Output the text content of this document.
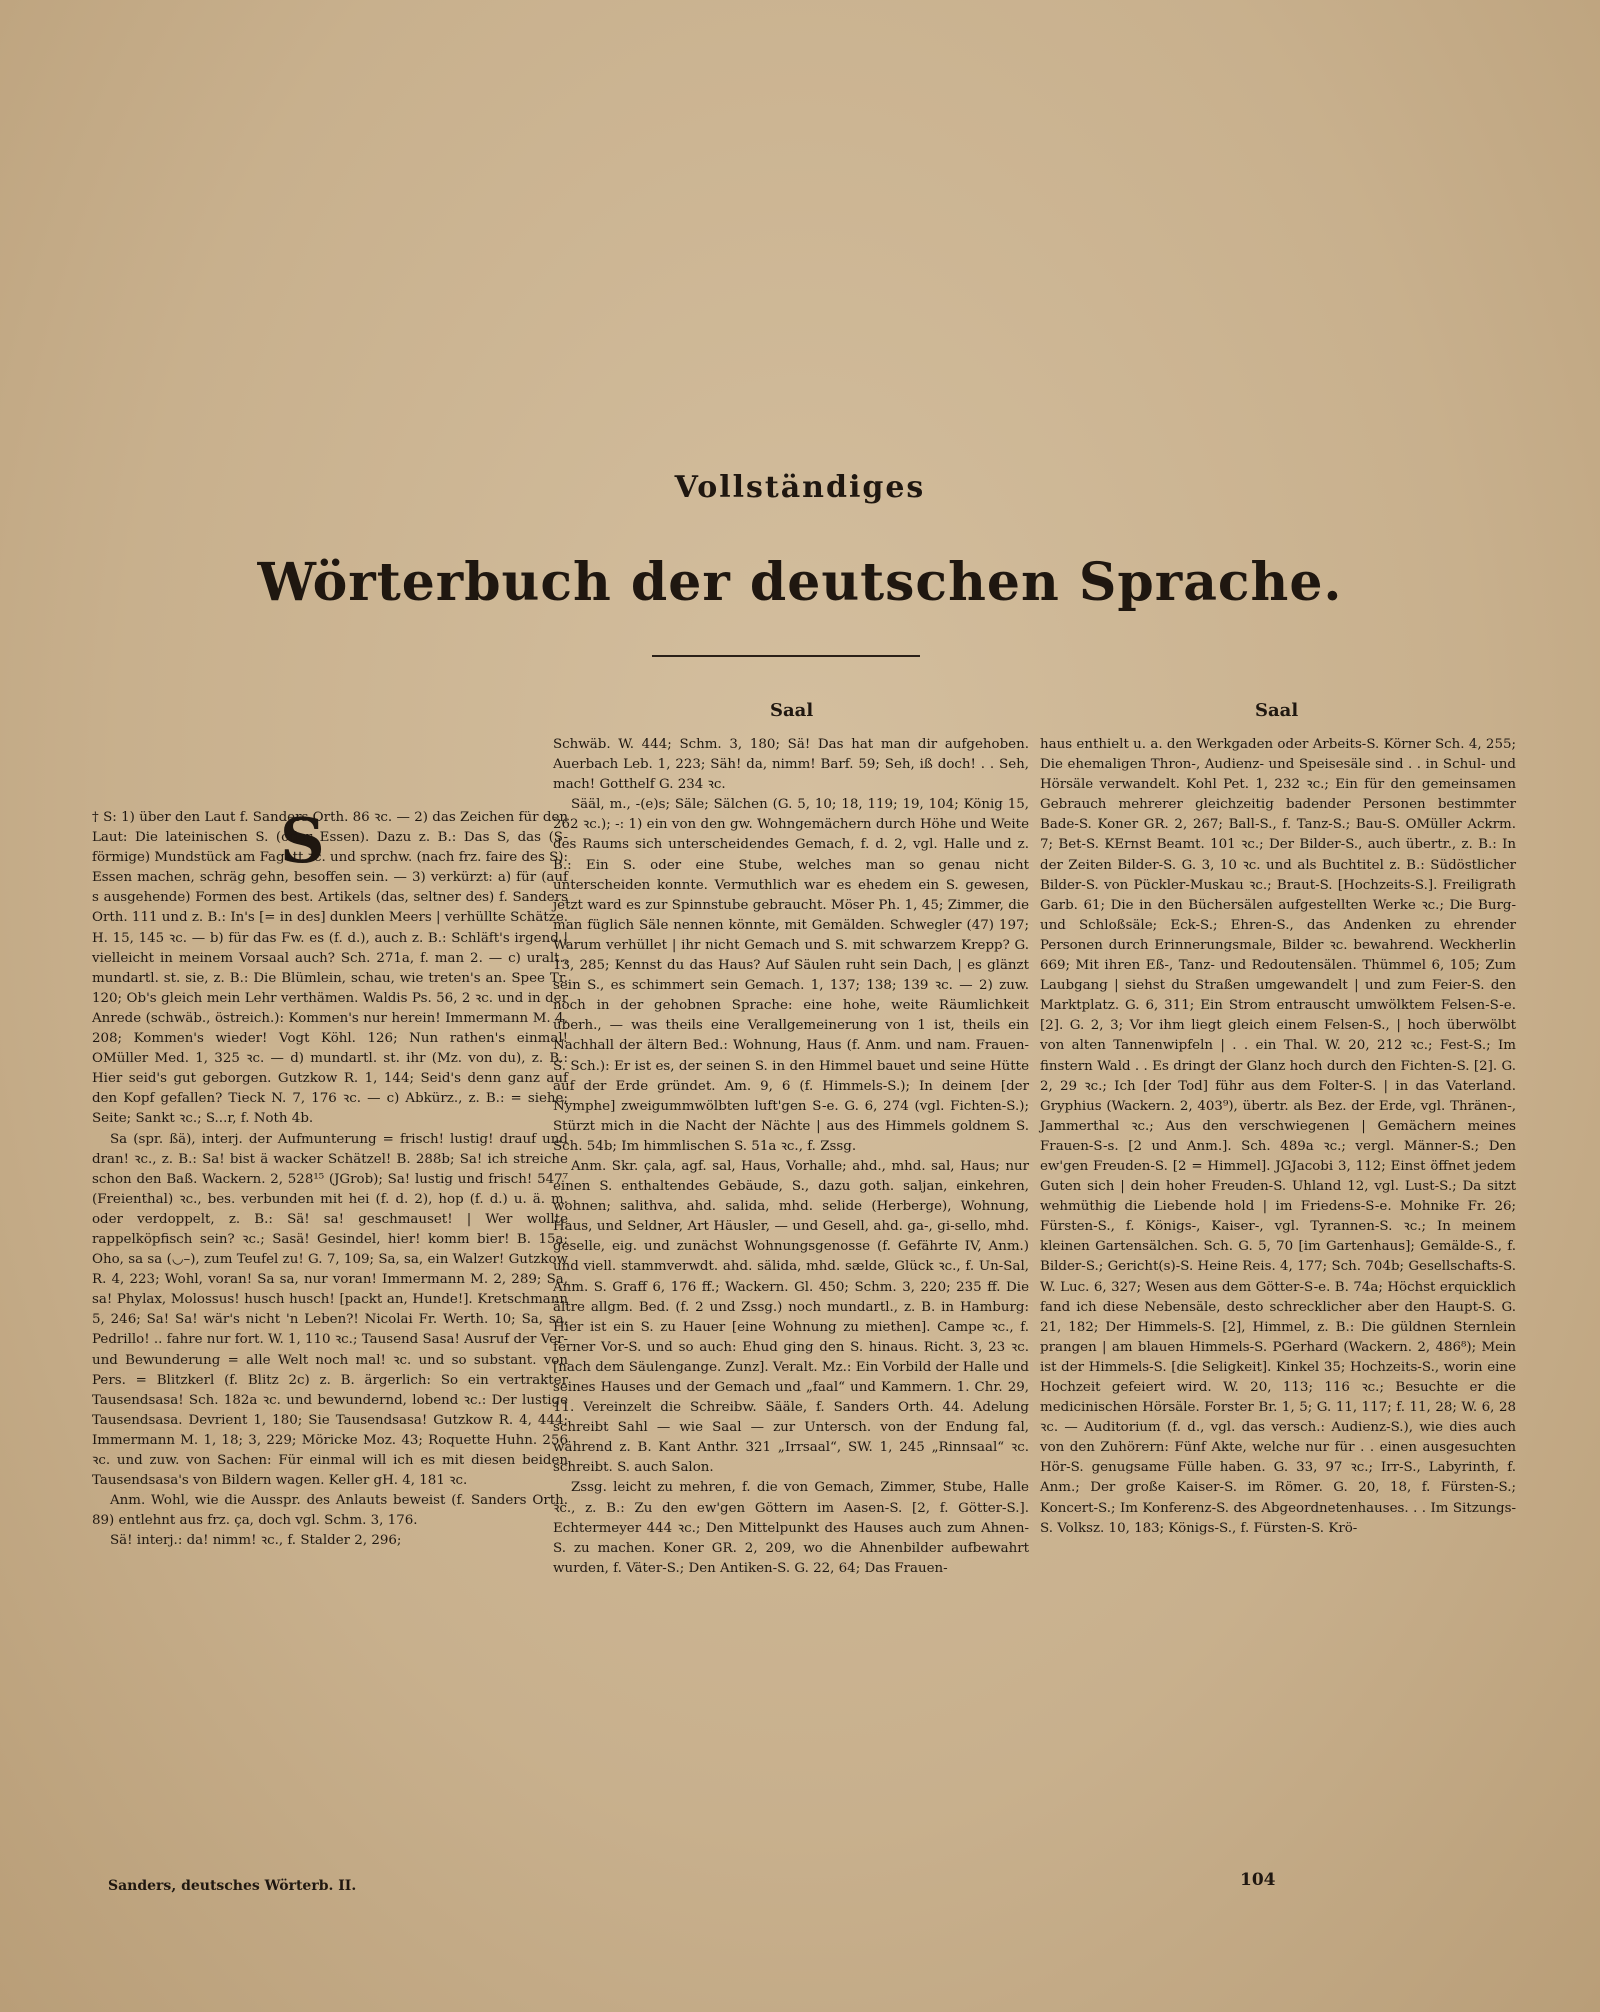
Vollständiges
Wörterbuch der deutschen Sprache.
Saal	Saal
S

† S: 1) über den Laut f. Sanders Orth. 86 ꝛc. — 2) das Zeichen für den Laut: Die lateinischen S. (oder Essen). Dazu z. B.: Das S, das (S-förmige) Mundstück am Fagott ꝛc. und sprchw. (nach frz. faire des S): Essen machen, schräg gehn, besoffen sein. — 3) verkürzt: a) für (auf s ausgehende) Formen des best. Artikels (das, seltner des) f. Sanders Orth. 111 und z. B.: In's [= in des] dunklen Meers | verhüllte Schätze. H. 15, 145 ꝛc. — b) für das Fw. es (f. d.), auch z. B.: Schläft's irgend | vielleicht in meinem Vorsaal auch? Sch. 271a, f. man 2. — c) uralt., mundartl. st. sie, z. B.: Die Blümlein, schau, wie treten's an. Spee Tr. 120; Ob's gleich mein Lehr verthämen. Waldis Ps. 56, 2 ꝛc. und in der Anrede (schwäb., östreich.): Kommen's nur herein! Immermann M. 4, 208; Kommen's wieder! Vogt Köhl. 126; Nun rathen's einmal! OMüller Med. 1, 325 ꝛc. — d) mundartl. st. ihr (Mz. von du), z. B.: Hier seid's gut geborgen. Gutzkow R. 1, 144; Seid's denn ganz auf den Kopf gefallen? Tieck N. 7, 176 ꝛc. — c) Abkürz., z. B.: = siehe; Seite; Sankt ꝛc.; S...r, f. Noth 4b.

Sa (spr. ßä), interj. der Aufmunterung = frisch! lustig! drauf und dran! ꝛc., z. B.: Sa! bist ä wacker Schätzel! B. 288b; Sa! ich streiche schon den Baß. Wackern. 2, 528¹⁵ (JGrob); Sa! lustig und frisch! 547⁷ (Freienthal) ꝛc., bes. verbunden mit hei (f. d. 2), hop (f. d.) u. ä. m. oder verdoppelt, z. B.: Sä! sa! geschmauset! | Wer wollte rappelköpfisch sein? ꝛc.; Sasä! Gesindel, hier! komm bier! B. 15a; Oho, sa sa (◡–), zum Teufel zu! G. 7, 109; Sa, sa, ein Walzer! Gutzkow R. 4, 223; Wohl, voran! Sa sa, nur voran! Immermann M. 2, 289; Sa, sa! Phylax, Molossus! husch husch! [packt an, Hunde!]. Kretschmann 5, 246; Sa! Sa! wär's nicht 'n Leben?! Nicolai Fr. Werth. 10; Sa, sa, Pedrillo! .. fahre nur fort. W. 1, 110 ꝛc.; Tausend Sasa! Ausruf der Ver- und Bewunderung = alle Welt noch mal! ꝛc. und so substant. von Pers. = Blitzkerl (f. Blitz 2c) z. B. ärgerlich: So ein vertrakter Tausendsasa! Sch. 182a ꝛc. und bewundernd, lobend ꝛc.: Der lustige Tausendsasa. Devrient 1, 180; Sie Tausendsasa! Gutzkow R. 4, 444; Immermann M. 1, 18; 3, 229; Möricke Moz. 43; Roquette Huhn. 256 ꝛc. und zuw. von Sachen: Für einmal will ich es mit diesen beiden Tausendsasa's von Bildern wagen. Keller gH. 4, 181 ꝛc.

Anm. Wohl, wie die Ausspr. des Anlauts beweist (f. Sanders Orth. 89) entlehnt aus frz. ça, doch vgl. Schm. 3, 176.

Sä! interj.: da! nimm! ꝛc., f. Stalder 2, 296;

Schwäb. W. 444; Schm. 3, 180; Sä! Das hat man dir aufgehoben. Auerbach Leb. 1, 223; Säh! da, nimm! Barf. 59; Seh, iß doch! . . Seh, mach! Gotthelf G. 234 ꝛc.

Sääl, m., -(e)s; Säle; Sälchen (G. 5, 10; 18, 119; 19, 104; König 15, 262 ꝛc.); -: 1) ein von den gw. Wohngemächern durch Höhe und Weite des Raums sich unterscheidendes Gemach, f. d. 2, vgl. Halle und z. B.: Ein S. oder eine Stube, welches man so genau nicht unterscheiden konnte. Vermuthlich war es ehedem ein S. gewesen, jetzt ward es zur Spinnstube gebraucht. Möser Ph. 1, 45; Zimmer, die man füglich Säle nennen könnte, mit Gemälden. Schwegler (47) 197; Warum verhüllet | ihr nicht Gemach und S. mit schwarzem Krepp? G. 13, 285; Kennst du das Haus? Auf Säulen ruht sein Dach, | es glänzt sein S., es schimmert sein Gemach. 1, 137; 138; 139 ꝛc. — 2) zuw. noch in der gehobnen Sprache: eine hohe, weite Räumlichkeit überh., — was theils eine Verallgemeinerung von 1 ist, theils ein Nachhall der ältern Bed.: Wohnung, Haus (f. Anm. und nam. Frauen-S. Sch.): Er ist es, der seinen S. in den Himmel bauet und seine Hütte auf der Erde gründet. Am. 9, 6 (f. Himmels-S.); In deinem [der Nymphe] zweigummwölbten luft'gen S-e. G. 6, 274 (vgl. Fichten-S.); Stürzt mich in die Nacht der Nächte | aus des Himmels goldnem S. Sch. 54b; Im himmlischen S. 51a ꝛc., f. Zssg.

Anm. Skr. çala, agf. sal, Haus, Vorhalle; ahd., mhd. sal, Haus; nur einen S. enthaltendes Gebäude, S., dazu goth. saljan, einkehren, wohnen; salithva, ahd. salida, mhd. selide (Herberge), Wohnung, Haus, und Seldner, Art Häusler, — und Gesell, ahd. ga-, gi-sello, mhd. geselle, eig. und zunächst Wohnungsgenosse (f. Gefährte IV, Anm.) und viell. stammverwdt. ahd. sälida, mhd. sælde, Glück ꝛc., f. Un-Sal, Anm. S. Graff 6, 176 ff.; Wackern. Gl. 450; Schm. 3, 220; 235 ff. Die ältre allgm. Bed. (f. 2 und Zssg.) noch mundartl., z. B. in Hamburg: Hier ist ein S. zu Hauer [eine Wohnung zu miethen]. Campe ꝛc., f. ferner Vor-S. und so auch: Ehud ging den S. hinaus. Richt. 3, 23 ꝛc. [nach dem Säulengange. Zunz]. Veralt. Mz.: Ein Vorbild der Halle und seines Hauses und der Gemach und „faal“ und Kammern. 1. Chr. 29, 11. Vereinzelt die Schreibw. Sääle, f. Sanders Orth. 44. Adelung schreibt Sahl — wie Saal — zur Untersch. von der Endung fal, während z. B. Kant Anthr. 321 „Irrsaal“, SW. 1, 245 „Rinnsaal“ ꝛc. schreibt. S. auch Salon.

Zssg. leicht zu mehren, f. die von Gemach, Zimmer, Stube, Halle ꝛc., z. B.: Zu den ew'gen Göttern im Aasen-S. [2, f. Götter-S.]. Echtermeyer 444 ꝛc.; Den Mittelpunkt des Hauses auch zum Ahnen-S. zu machen. Koner GR. 2, 209, wo die Ahnenbilder aufbewahrt wurden, f. Väter-S.; Den Antiken-S. G. 22, 64; Das Frauen-

haus enthielt u. a. den Werkgaden oder Arbeits-S. Körner Sch. 4, 255; Die ehemaligen Thron-, Audienz- und Speisesäle sind . . in Schul- und Hörsäle verwandelt. Kohl Pet. 1, 232 ꝛc.; Ein für den gemeinsamen Gebrauch mehrerer gleichzeitig badender Personen bestimmter Bade-S. Koner GR. 2, 267; Ball-S., f. Tanz-S.; Bau-S. OMüller Ackrm. 7; Bet-S. KErnst Beamt. 101 ꝛc.; Der Bilder-S., auch übertr., z. B.: In der Zeiten Bilder-S. G. 3, 10 ꝛc. und als Buchtitel z. B.: Südöstlicher Bilder-S. von Pückler-Muskau ꝛc.; Braut-S. [Hochzeits-S.]. Freiligrath Garb. 61; Die in den Büchersälen aufgestellten Werke ꝛc.; Die Burg- und Schloßsäle; Eck-S.; Ehren-S., das Andenken zu ehrender Personen durch Erinnerungsmale, Bilder ꝛc. bewahrend. Weckherlin 669; Mit ihren Eß-, Tanz- und Redoutensälen. Thümmel 6, 105; Zum Laubgang | siehst du Straßen umgewandelt | und zum Feier-S. den Marktplatz. G. 6, 311; Ein Strom entrauscht umwölktem Felsen-S-e. [2]. G. 2, 3; Vor ihm liegt gleich einem Felsen-S., | hoch überwölbt von alten Tannenwipfeln | . . ein Thal. W. 20, 212 ꝛc.; Fest-S.; Im finstern Wald . . Es dringt der Glanz hoch durch den Fichten-S. [2]. G. 2, 29 ꝛc.; Ich [der Tod] führ aus dem Folter-S. | in das Vaterland. Gryphius (Wackern. 2, 403⁹), übertr. als Bez. der Erde, vgl. Thränen-, Jammerthal ꝛc.; Aus den verschwiegenen | Gemächern meines Frauen-S-s. [2 und Anm.]. Sch. 489a ꝛc.; vergl. Männer-S.; Den ew'gen Freuden-S. [2 = Himmel]. JGJacobi 3, 112; Einst öffnet jedem Guten sich | dein hoher Freuden-S. Uhland 12, vgl. Lust-S.; Da sitzt wehmüthig die Liebende hold | im Friedens-S-e. Mohnike Fr. 26; Fürsten-S., f. Königs-, Kaiser-, vgl. Tyrannen-S. ꝛc.; In meinem kleinen Gartensälchen. Sch. G. 5, 70 [im Gartenhaus]; Gemälde-S., f. Bilder-S.; Gericht(s)-S. Heine Reis. 4, 177; Sch. 704b; Gesellschafts-S. W. Luc. 6, 327; Wesen aus dem Götter-S-e. B. 74a; Höchst erquicklich fand ich diese Nebensäle, desto schrecklicher aber den Haupt-S. G. 21, 182; Der Himmels-S. [2], Himmel, z. B.: Die güldnen Sternlein prangen | am blauen Himmels-S. PGerhard (Wackern. 2, 486⁸); Mein ist der Himmels-S. [die Seligkeit]. Kinkel 35; Hochzeits-S., worin eine Hochzeit gefeiert wird. W. 20, 113; 116 ꝛc.; Besuchte er die medicinischen Hörsäle. Forster Br. 1, 5; G. 11, 117; f. 11, 28; W. 6, 28 ꝛc. — Auditorium (f. d., vgl. das versch.: Audienz-S.), wie dies auch von den Zuhörern: Fünf Akte, welche nur für . . einen ausgesuchten Hör-S. genugsame Fülle haben. G. 33, 97 ꝛc.; Irr-S., Labyrinth, f. Anm.; Der große Kaiser-S. im Römer. G. 20, 18, f. Fürsten-S.; Koncert-S.; Im Konferenz-S. des Abgeordnetenhauses. . . Im Sitzungs-S. Volksz. 10, 183; Königs-S., f. Fürsten-S. Krö-

Sanders, deutsches Wörterb. II.	104
